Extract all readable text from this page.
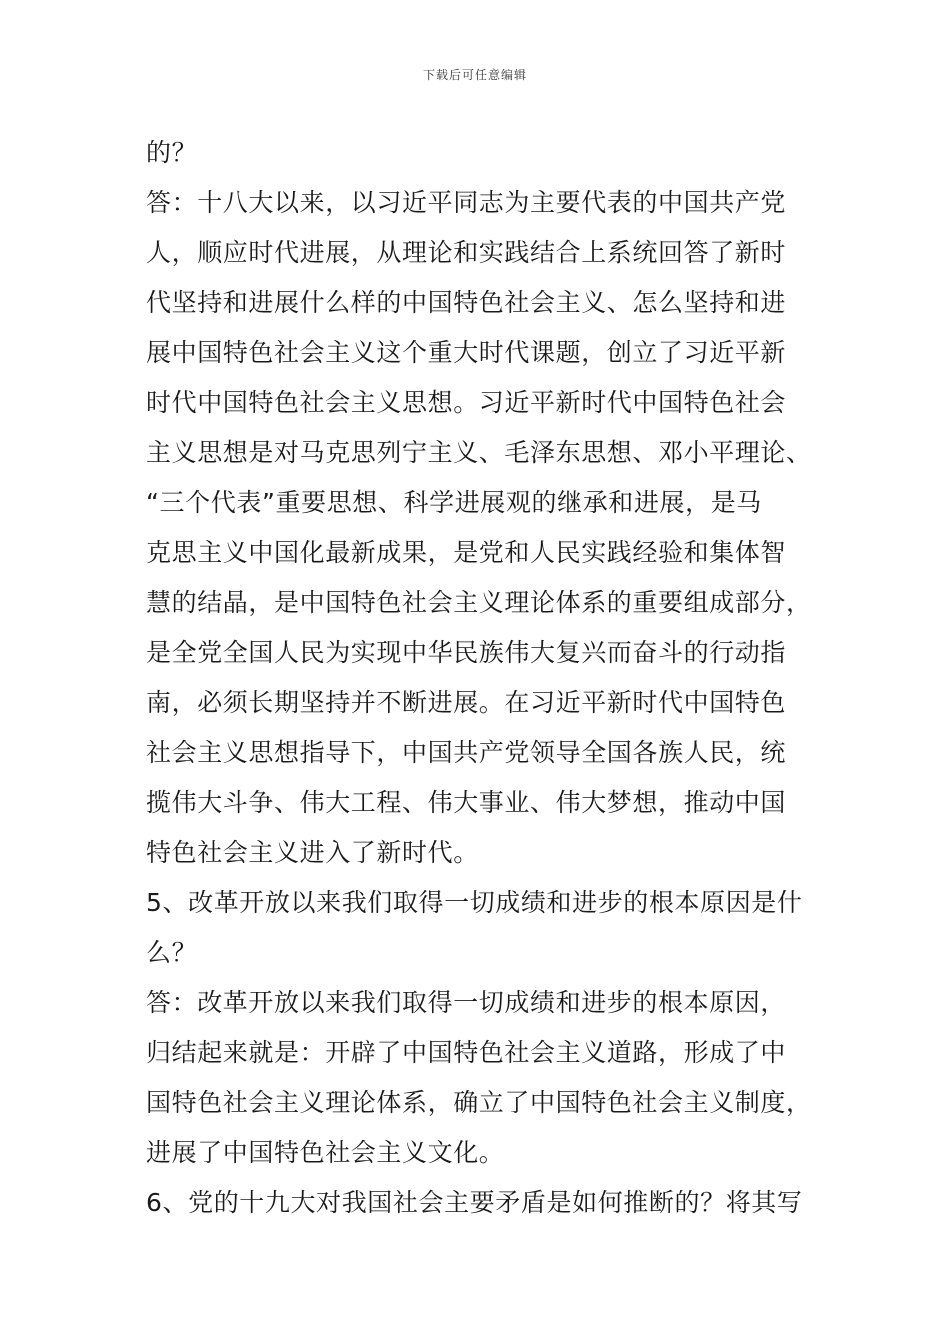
下载后可任意编辑
的？
答：十八大以来，以习近平同志为主要代表的中国共产党
人，顺应时代进展，从理论和实践结合上系统回答了新时
代坚持和进展什么样的中国特色社会主义、怎么坚持和进
展中国特色社会主义这个重大时代课题，创立了习近平新
时代中国特色社会主义思想。习近平新时代中国特色社会
主义思想是对马克思列宁主义、毛泽东思想、邓小平理论、
“三个代表”重要思想、科学进展观的继承和进展，是马
克思主义中国化最新成果，是党和人民实践经验和集体智
慧的结晶，是中国特色社会主义理论体系的重要组成部分，
是全党全国人民为实现中华民族伟大复兴而奋斗的行动指
南，必须长期坚持并不断进展。在习近平新时代中国特色
社会主义思想指导下，中国共产党领导全国各族人民，统
揽伟大斗争、伟大工程、伟大事业、伟大梦想，推动中国
特色社会主义进入了新时代。
5、改革开放以来我们取得一切成绩和进步的根本原因是什
么？
答：改革开放以来我们取得一切成绩和进步的根本原因，
归结起来就是：开辟了中国特色社会主义道路，形成了中
国特色社会主义理论体系，确立了中国特色社会主义制度，
进展了中国特色社会主义文化。
6、党的十九大对我国社会主要矛盾是如何推断的？将其写
